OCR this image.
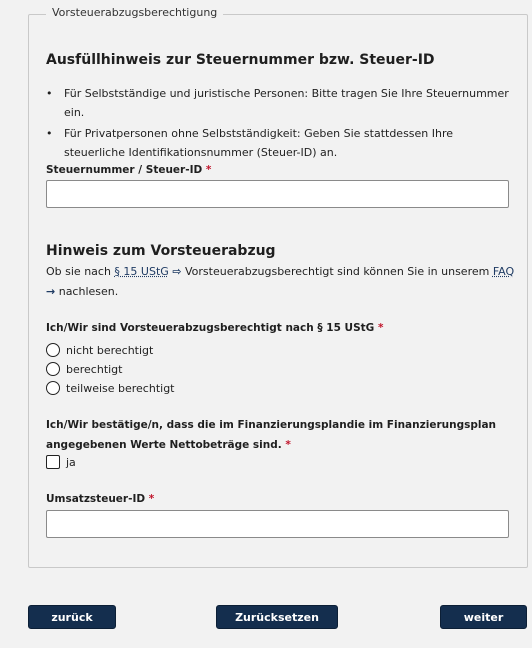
Vorsteuerabzugsberechtigung
Ausfüllhinweis zur Steuernummer bzw. Steuer-ID
•	Für Selbstständige und juristische Personen: Bitte tragen Sie Ihre Steuernummer ein.
•	Für Privatpersonen ohne Selbstständigkeit: Geben Sie stattdessen Ihre steuerliche Identifikationsnummer (Steuer-ID) an.
Steuernummer / Steuer-ID *
Hinweis zum Vorsteuerabzug
Ob sie nach § 15 UStG ⇨ Vorsteuerabzugsberechtigt sind können Sie in unserem FAQ
→ nachlesen.
Ich/Wir sind Vorsteuerabzugsberechtigt nach § 15 UStG *
nicht berechtigt
berechtigt
teilweise berechtigt
Ich/Wir bestätige/n, dass die im Finanzierungsplandie im Finanzierungsplan
angegebenen Werte Nettobeträge sind. *
ja
Umsatzsteuer-ID *
zurück	Zurücksetzen	weiter
